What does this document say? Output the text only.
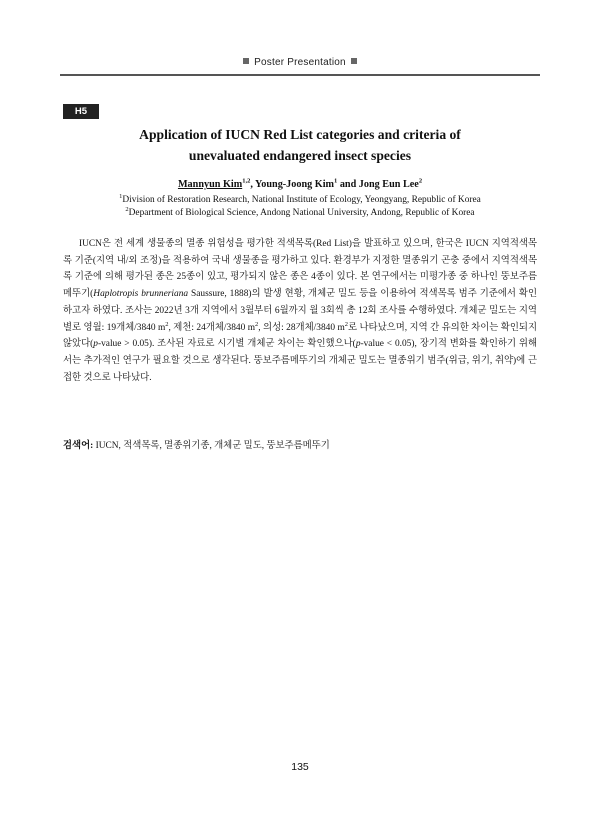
Poster Presentation
H5
Application of IUCN Red List categories and criteria of
unevaluated endangered insect species
Mannyun Kim$^{1,2}$, Young-Joong Kim$^1$ and Jong Eun Lee$^2$
$^1$Division of Restoration Research, National Institute of Ecology, Yeongyang, Republic of Korea
$^2$Department of Biological Science, Andong National University, Andong, Republic of Korea
IUCN은 전 세계 생물종의 멸종 위험성을 평가한 적색목록(Red List)을 발표하고 있으며, 한국은 IUCN 지역적색목록 기준(지역 내/외 조정)을 적용하여 국내 생물종을 평가하고 있다. 환경부가 지정한 멸종위기 곤충 중에서 지역적색목록 기준에 의해 평가된 종은 25종이 있고, 평가되지 않은 종은 4종이 있다. 본 연구에서는 미평가종 중 하나인 뚱보주름메뚜기(Haplotropis brunneriana Saussure, 1888)의 발생 현황, 개체군 밀도 등을 이용하여 적색목록 범주 기준에서 확인하고자 하였다. 조사는 2022년 3개 지역에서 3월부터 6월까지 월 3회씩 총 12회 조사를 수행하였다. 개체군 밀도는 지역별로 영월: 19개체/3840 $m^2$, 제천: 24개체/3840 $m^2$, 의성: 28개체/3840 $m^2$로 나타났으며, 지역 간 유의한 차이는 확인되지 않았다(p-value > 0.05). 조사된 자료로 시기별 개체군 차이는 확인했으나(p-value < 0.05), 장기적 변화를 확인하기 위해서는 추가적인 연구가 필요할 것으로 생각된다. 뚱보주름메뚜기의 개체군 밀도는 멸종위기 범주(위급, 위기, 취약)에 근접한 것으로 나타났다.
검색어: IUCN, 적색목록, 멸종위기종, 개체군 밀도, 뚱보주름메뚜기
135
